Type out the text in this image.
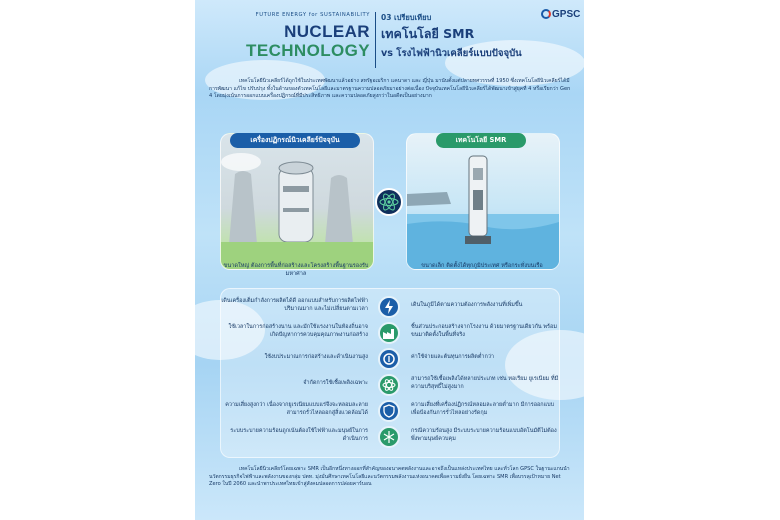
FUTURE ENERGY for SUSTAINABILITY
NUCLEAR
TECHNOLOGY
03 เปรียบเทียบ
เทคโนโลยี SMR
vs โรงไฟฟ้านิวเคลียร์แบบปัจจุบัน
GPSC
เทคโนโลยีนิวเคลียร์ได้ถูกใช้ในประเทศพัฒนาแล้วอย่าง สหรัฐอเมริกา แคนาดา และ ญี่ปุ่น มานับตั้งแต่ปลายทศวรรษที่ 1950 ซึ่งเทคโนโลยีนิวเคลียร์ได้มีการพัฒนา แก้ไข ปรับปรุง ทั้งในด้านของตัวเทคโนโลยีและมาตรฐานความปลอดภัยมาอย่างต่อเนื่อง ปัจจุบันเทคโนโลยีนิวเคลียร์ได้พัฒนาเข้าสู่ยุคที่ 4 หรือเรียกว่า Gen 4 โดยมุ่งเน้นการออกแบบเครื่องปฏิกรณ์ที่มีประสิทธิภาพ และความปลอดภัยสูงกว่าในอดีตเป็นอย่างมาก
เครื่องปฏิกรณ์นิวเคลียร์ปัจจุบัน
ขนาดใหญ่ ต้องการพื้นที่ก่อสร้างและโครงสร้างพื้นฐานรองรับมหาศาล
เทคโนโลยี SMR
ขนาดเล็ก ติดตั้งได้ทุกภูมิประเทศ หรือกระทั่งบนเรือ
เดินเครื่องเต็มกำลังการผลิตได้ดี ออกแบบสำหรับการผลิตไฟฟ้าปริมาณมาก และไม่เปลี่ยนตามเวลา
เดินในภูมิได้ตามความต้องการพลังงานที่เพิ่มขึ้น
ใช้เวลาในการก่อสร้างนาน และมักใช้แรงงานในท้องถิ่นอาจเกิดปัญหาการควบคุมคุณภาพงานก่อสร้าง
ชิ้นส่วนประกอบสร้างจากโรงงาน ด้วยมาตรฐานเดียวกัน พร้อมขนมาติดตั้งในพื้นที่จริง
ใช้งบประมาณการก่อสร้างและดำเนินงานสูง	ค่าใช้จ่ายและต้นทุนการผลิตต่ำกว่า
จำกัดการใช้เชื้อเพลิงเฉพาะ
สามารถใช้เชื้อเพลิงได้หลายประเภท เช่น ทอเรียม ยูเรเนียม ที่มีความบริสุทธิ์ไม่สูงมาก
ความเสี่ยงสูงกว่า เนื่องจากยูเรเนียมแบบแร่จึงจะหลอมละลาย สามารถรั่วไหลออกสู่สิ่งแวดล้อมได้
ความเสี่ยงที่เครื่องปฏิกรณ์หลอมละลายต่ำมาก มีการออกแบบเพื่อป้องกันการรั่วไหลอย่างรัดกุม
ระบบระบายความร้อนถูกเน้นต้องใช้ไฟฟ้าและมนุษย์ในการดำเนินการ
กรณีความร้อนสูง มีระบบระบายความร้อนแบบอัตโนมัติไม่ต้องพึ่งพามนุษย์ควบคุม
เทคโนโลยีนิวเคลียร์โดยเฉพาะ SMR เป็นอีกหนึ่งทางออกที่สำคัญของอนาคตพลังงานและอาจถึงเป็นแหล่งประเทศไทย และทั่วโลก GPSC ในฐานะแกนนำนวัตกรรมธุรกิจไฟฟ้าและพลังงานของกลุ่ม ปตท. มุ่งมั่นศึกษาเทคโนโลยีและนวัตกรรมพลังงานแห่งอนาคตเพื่อความยั่งยืน โดยเฉพาะ SMR เพื่อบรรลุเป้าหมาย Net Zero ในปี 2060 และนำพาประเทศไทยเข้าสู่สังคมปลอดการปล่อยคาร์บอน
